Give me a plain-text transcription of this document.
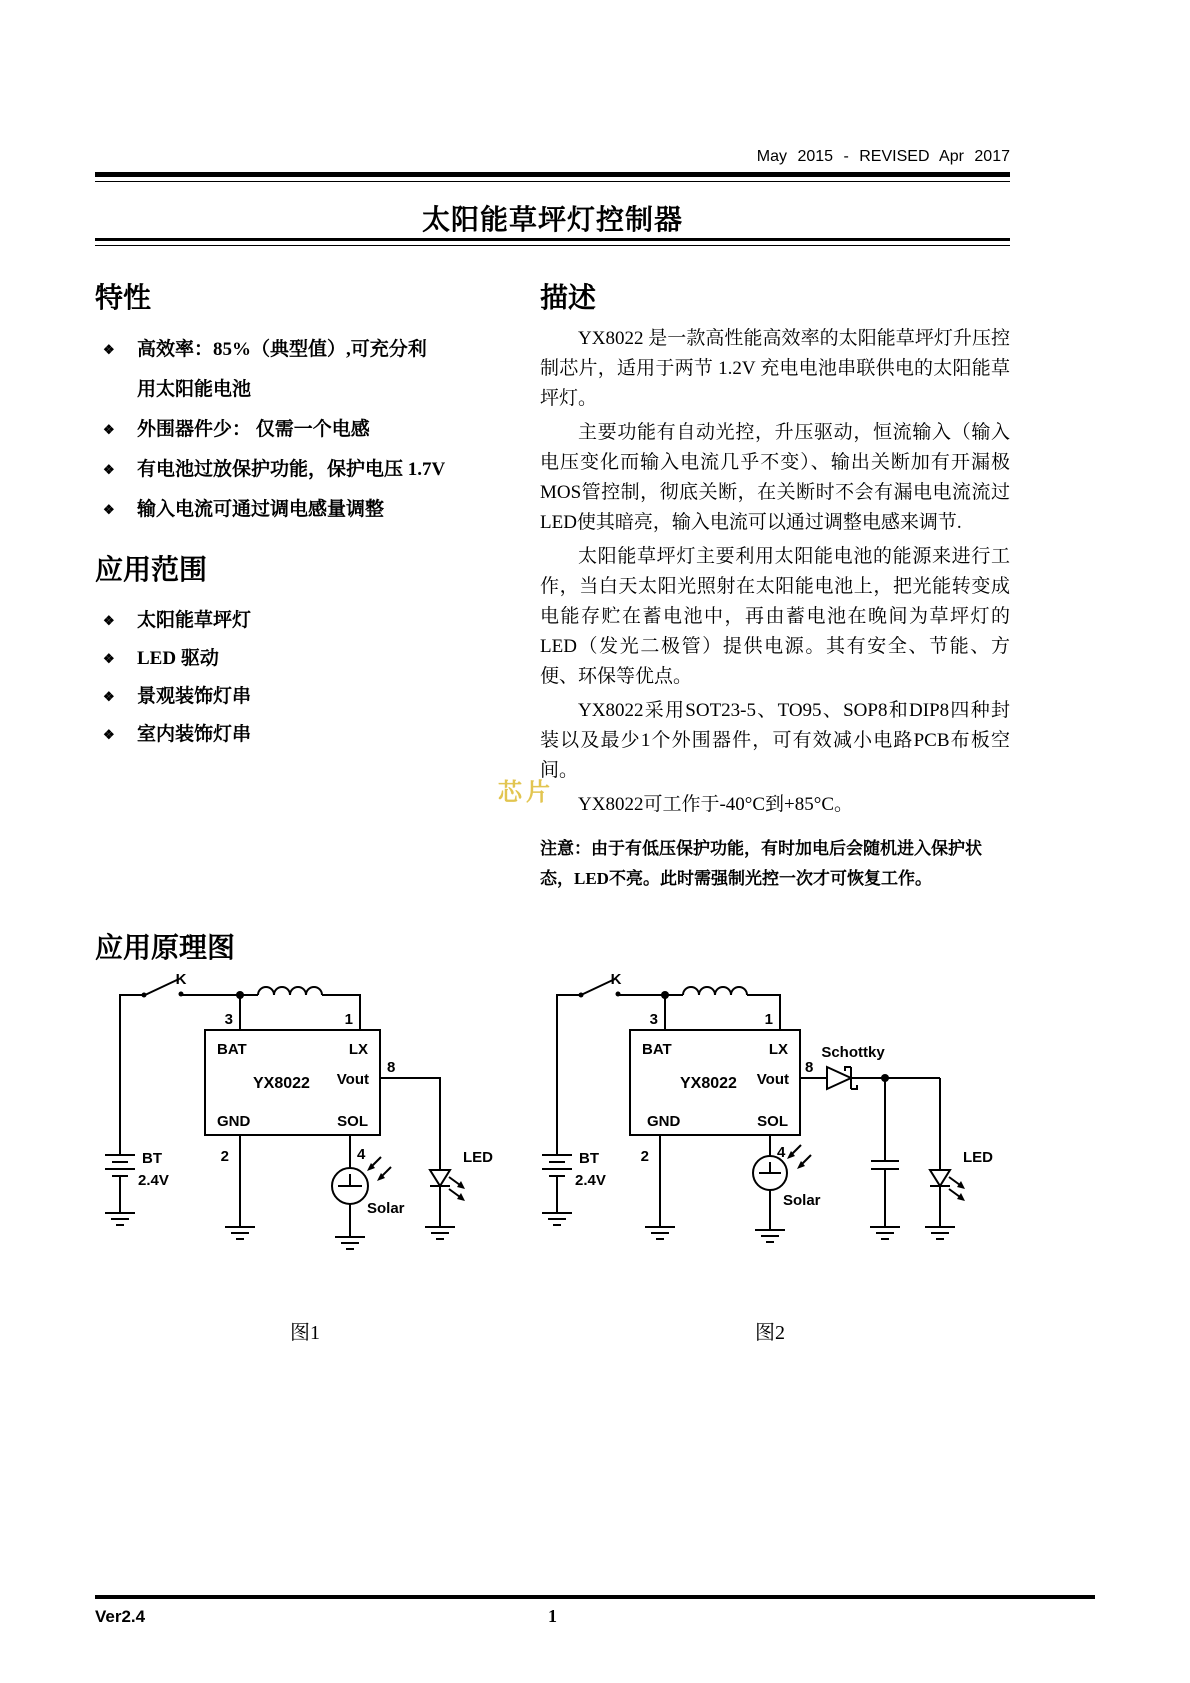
May 2015 - REVISED Apr 2017
太阳能草坪灯控制器
芯片
特性
❖	高效率：85%（典型值）,可充分利用太阳能电池
❖	外围器件少： 仅需一个电感
❖	有电池过放保护功能，保护电压 1.7V
❖	输入电流可通过调电感量调整
应用范围
❖	太阳能草坪灯
❖	LED 驱动
❖	景观装饰灯串
❖	室内装饰灯串
描述

YX8022 是一款高性能高效率的太阳能草坪灯升压控制芯片，适用于两节 1.2V 充电电池串联供电的太阳能草坪灯。

主要功能有自动光控，升压驱动，恒流输入（输入电压变化而输入电流几乎不变）、输出关断加有开漏极MOS管控制，彻底关断，在关断时不会有漏电电流流过LED使其暗亮，输入电流可以通过调整电感来调节.

太阳能草坪灯主要利用太阳能电池的能源来进行工作，当白天太阳光照射在太阳能电池上，把光能转变成电能存贮在蓄电池中，再由蓄电池在晚间为草坪灯的LED（发光二极管）提供电源。其有安全、节能、方便、环保等优点。

YX8022采用SOT23-5、TO95、SOP8和DIP8四种封装以及最少1个外围器件，可有效减小电路PCB布板空间。

YX8022可工作于-40°C到+85°C。

注意：由于有低压保护功能，有时加电后会随机进入保护状态，LED不亮。此时需强制光控一次才可恢复工作。

应用原理图
K
3	1
BAT	LX
YX8022 Vout
8
GND	SOL
2	4
BT
2.4V
Solar
LED
K
3	1
BAT	LX
YX8022 Vout
8
Schottky
GND	SOL
2	4
BT
2.4V
Solar
LED
图1	图2
Ver2.4	1
